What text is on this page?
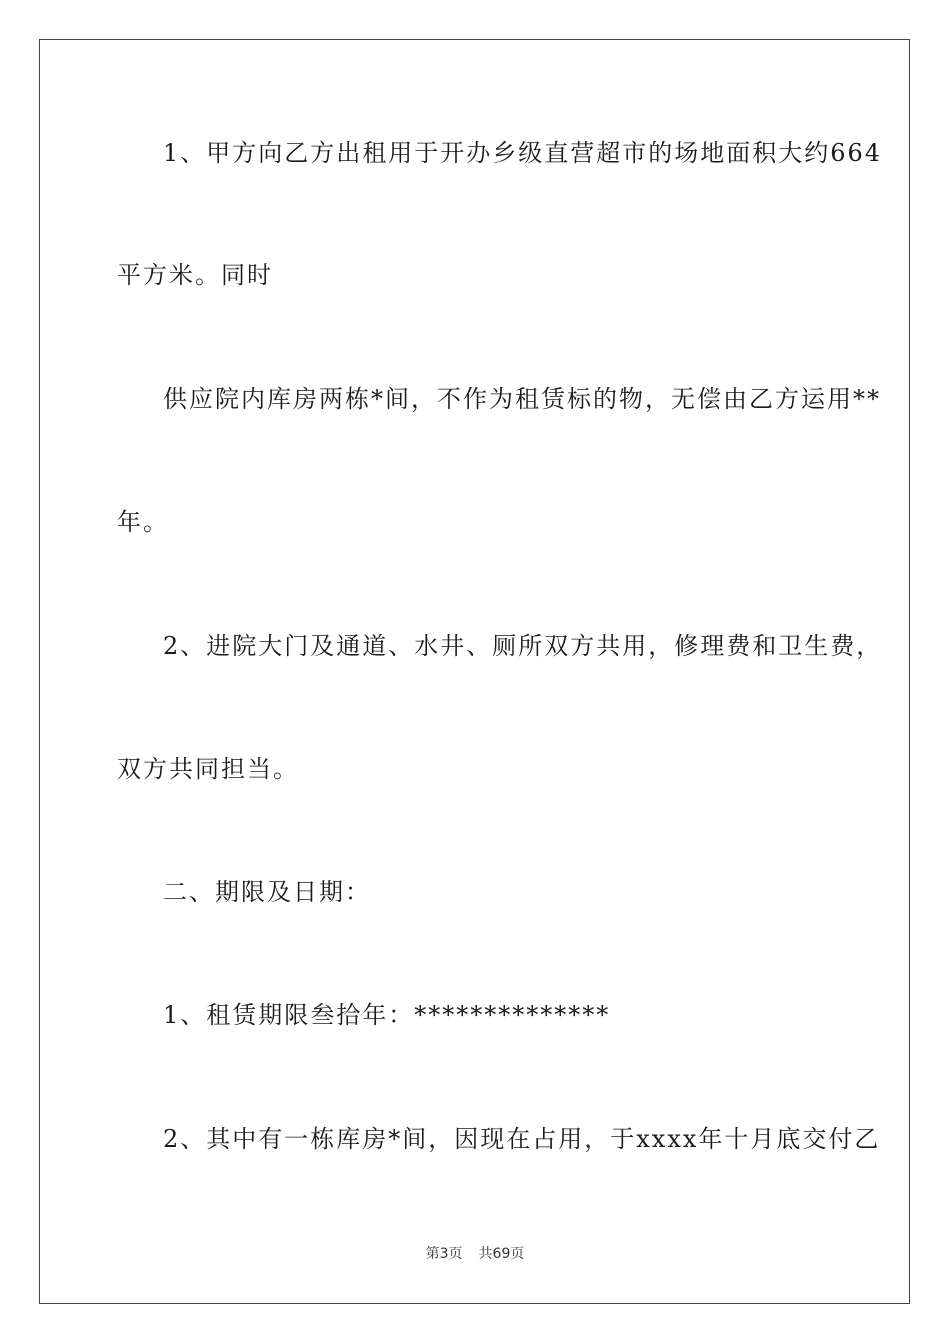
1、甲方向乙方出租用于开办乡级直营超市的场地面积大约664
平方米。同时
供应院内库房两栋*间，不作为租赁标的物，无偿由乙方运用**
年。
2、进院大门及通道、水井、厕所双方共用，修理费和卫生费，
双方共同担当。
二、期限及日期：
1、租赁期限叁拾年：**************
2、其中有一栋库房*间，因现在占用，于xxxx年十月底交付乙
第3页 共69页
